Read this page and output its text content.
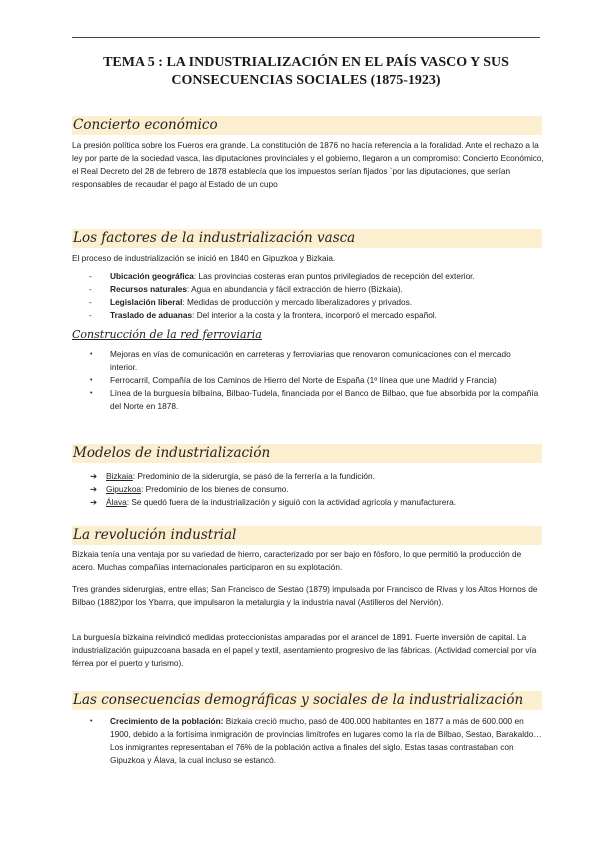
TEMA 5 : LA INDUSTRIALIZACIÓN EN EL PAÍS VASCO Y SUS
CONSECUENCIAS SOCIALES (1875-1923)
Concierto económico
La presión política sobre los Fueros era grande. La constitución de 1876 no hacía referencia a la foralidad. Ante el rechazo a la ley por parte de la sociedad vasca, las diputaciones provinciales y el gobierno, llegaron a un compromiso: Concierto Económico, el Real Decreto del 28 de febrero de 1878 establecía que los impuestos serían fijados `por las diputaciones, que serían responsables de recaudar el pago al Estado de un cupo
Los factores de la industrialización vasca
El proceso de industrialización se inició en 1840 en Gipuzkoa y Bizkaia.
- Ubicación geográfica: Las provincias costeras eran puntos privilegiados de recepción del exterior.
- Recursos naturales: Agua en abundancia y fácil extracción de hierro (Bizkaia).
- Legislación liberal: Medidas de producción y mercado liberalizadores y privados.
- Traslado de aduanas: Del interior a la costa y la frontera, incorporó el mercado español.
Construcción de la red ferroviaria
• Mejoras en vías de comunicación en carreteras y ferroviarias que renovaron comunicaciones con el mercado interior.
• Ferrocarril, Compañía de los Caminos de Hierro del Norte de España (1º línea que une Madrid y Francia)
• Línea de la burguesía bilbaína, Bilbao-Tudela, financiada por el Banco de Bilbao, que fue absorbida por la compañía del Norte en 1878.
Modelos de industrialización
➔ Bizkaia: Predominio de la siderurgia, se pasó de la ferrería a la fundición.
➔ Gipuzkoa: Predominio de los bienes de consumo.
➔ Álava: Se quedó fuera de la industrialización y siguió con la actividad agrícola y manufacturera.
La revolución industrial
Bizkaia tenía una ventaja por su variedad de hierro, caracterizado por ser bajo en fósforo, lo que permitió la producción de acero. Muchas compañías internacionales participaron en su explotación.
Tres grandes siderurgias, entre ellas; San Francisco de Sestao (1879) impulsada por Francisco de Rivas y los Altos Hornos de Bilbao (1882)por los Ybarra, que impulsaron la metalurgia y la industria naval (Astilleros del Nervión).
La burguesía bizkaina reivindicó medidas proteccionistas amparadas por el arancel de 1891. Fuerte inversión de capital. La industrialización guipuzcoana basada en el papel y textil, asentamiento progresivo de las fábricas. (Actividad comercial por vía férrea por el puerto y turismo).
Las consecuencias demográficas y sociales de la industrialización
• Crecimiento de la población: Bizkaia creció mucho, pasó de 400.000 habitantes en 1877 a más de 600.000 en 1900, debido a la fortísima inmigración de provincias limítrofes en lugares como la ría de Bilbao, Sestao, Barakaldo… Los inmigrantes representaban el 76% de la población activa a finales del siglo. Estas tasas contrastaban con Gipuzkoa y Álava, la cual incluso se estancó.
